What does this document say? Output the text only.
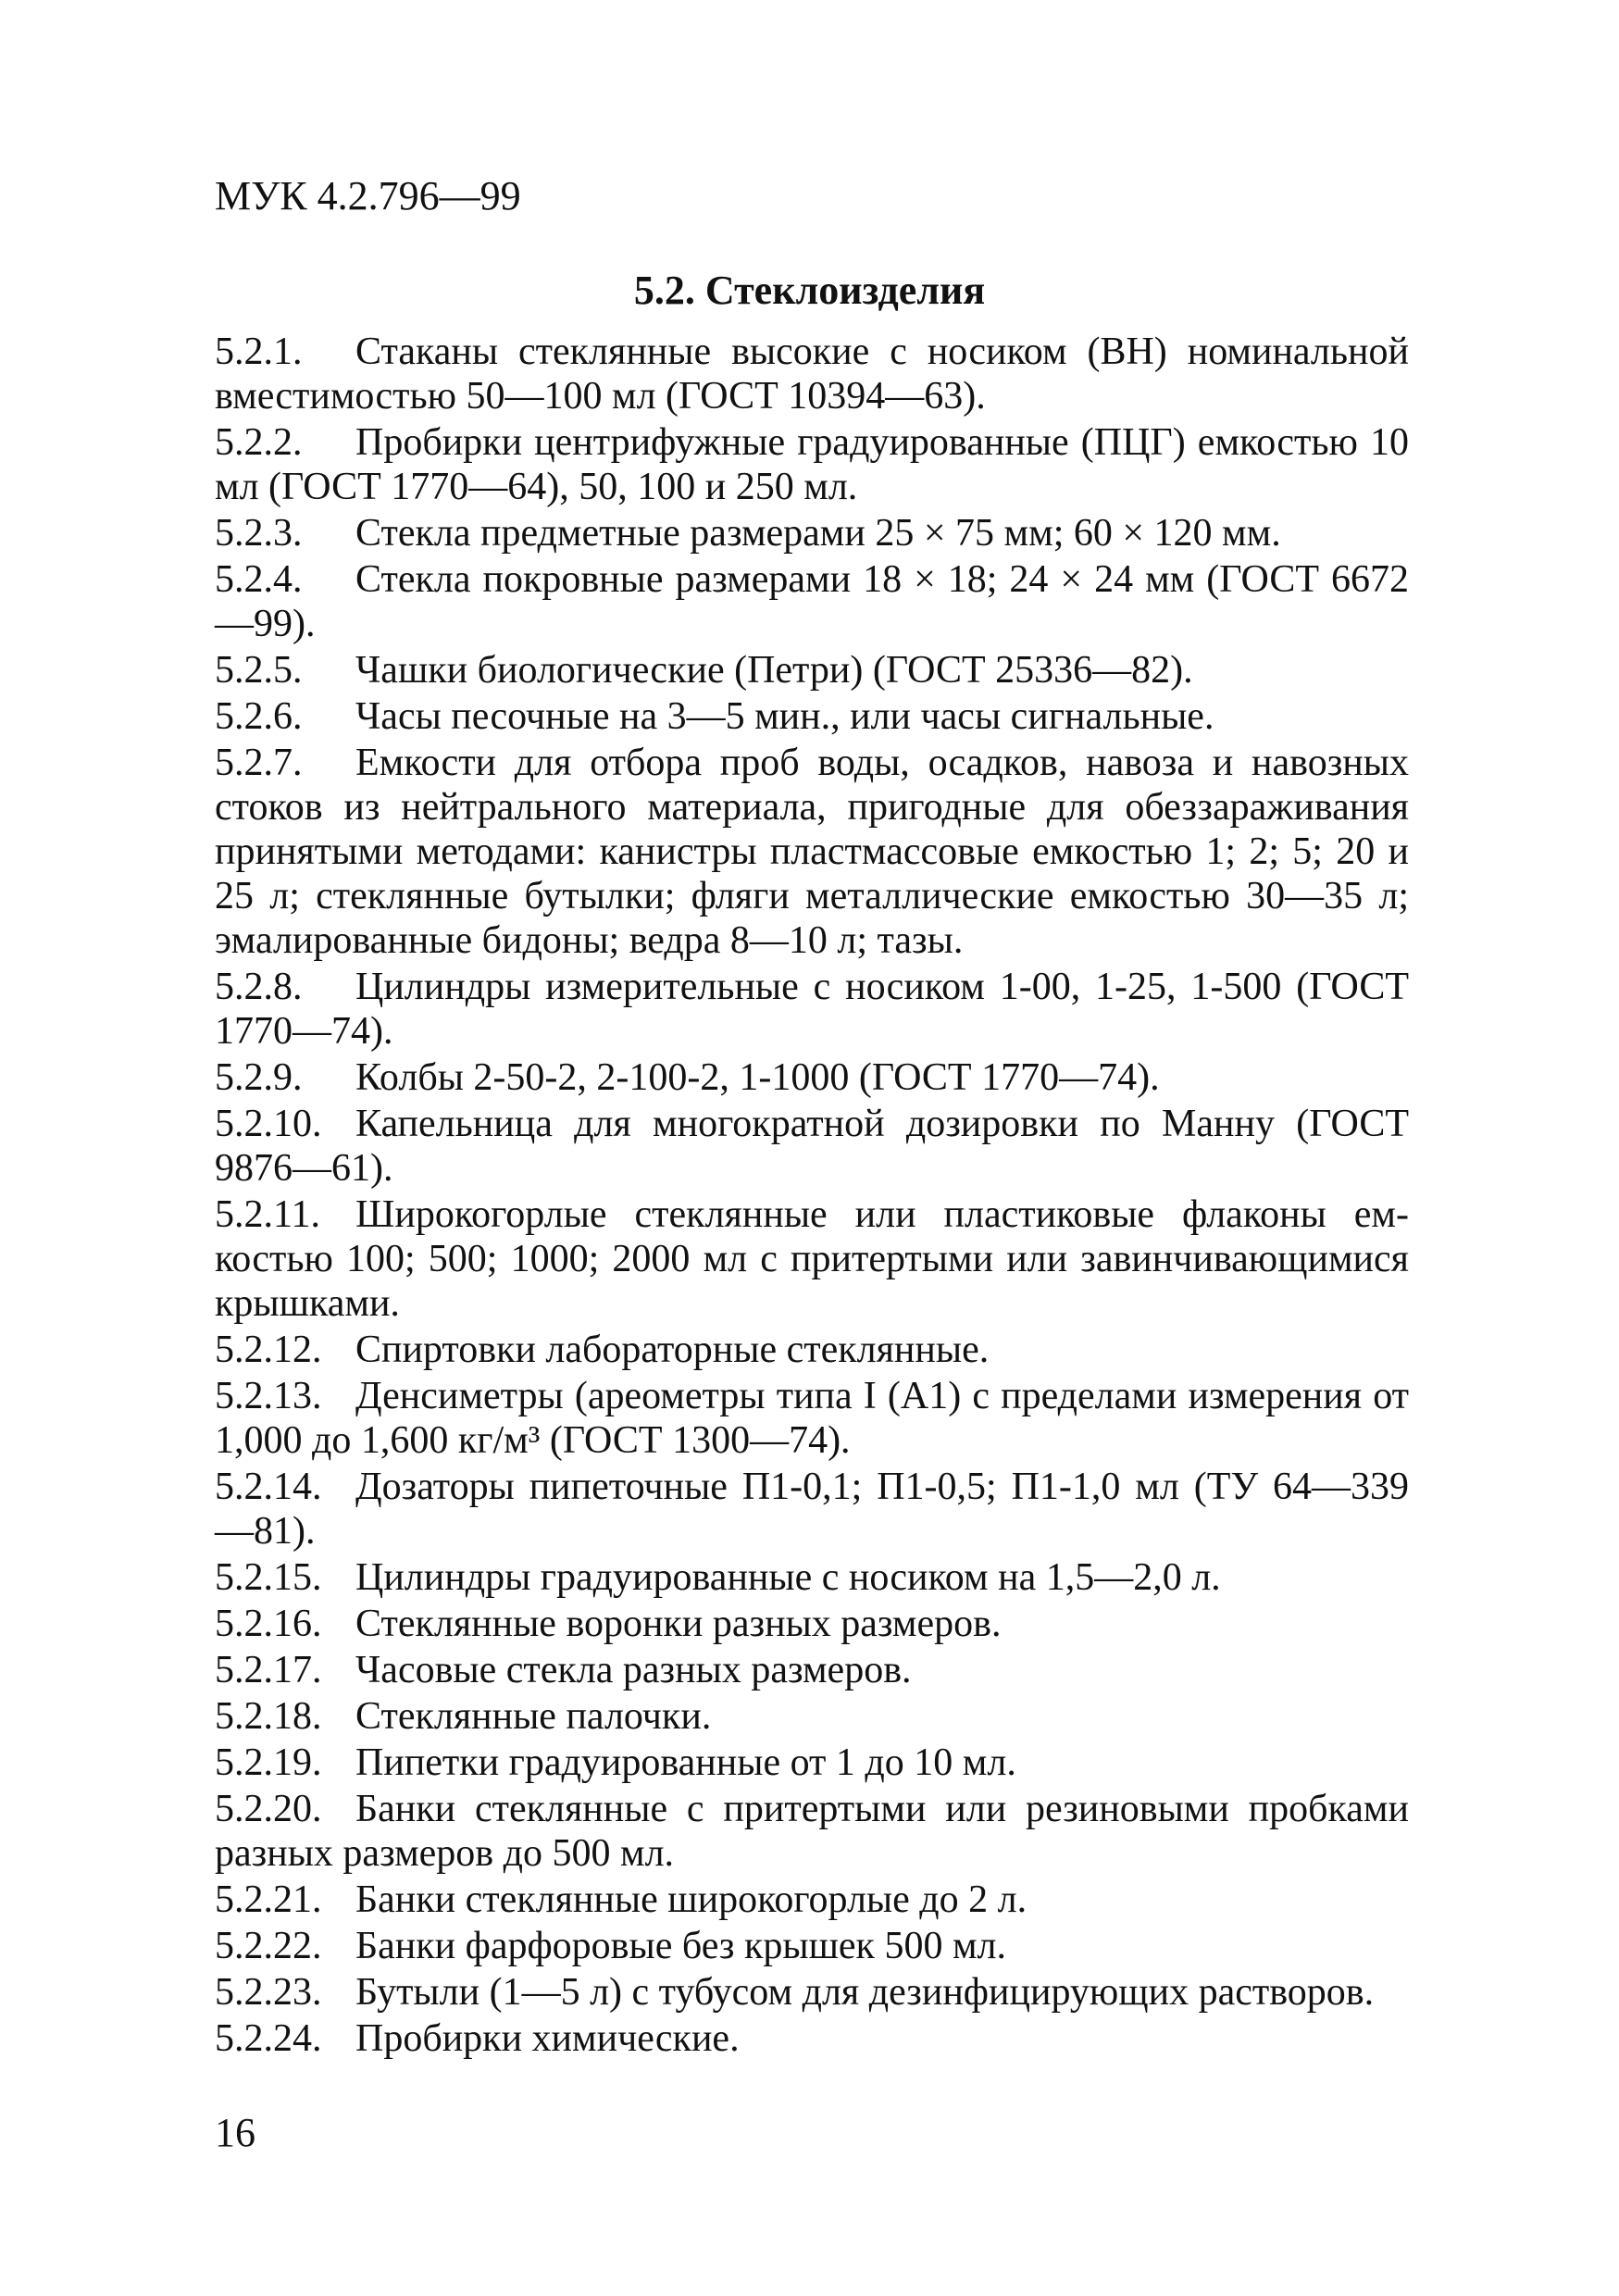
МУК 4.2.796—99
5.2. Стеклоизделия

5.2.1. Стаканы стеклянные высокие с носиком (ВН) номинальной вместимостью 50—100 мл (ГОСТ 10394—63).

5.2.2. Пробирки центрифужные градуированные (ПЦГ) емкостью 10 мл (ГОСТ 1770—64), 50, 100 и 250 мл.

5.2.3. Стекла предметные размерами 25 × 75 мм; 60 × 120 мм.

5.2.4. Стекла покровные размерами 18 × 18; 24 × 24 мм (ГОСТ 6672—99).

5.2.5. Чашки биологические (Петри) (ГОСТ 25336—82).

5.2.6. Часы песочные на 3—5 мин., или часы сигнальные.

5.2.7. Емкости для отбора проб воды, осадков, навоза и навозных стоков из нейтрального материала, пригодные для обеззараживания принятыми методами: канистры пластмассовые емкостью 1; 2; 5; 20 и 25 л; стеклянные бутылки; фляги металлические емкостью 30—35 л; эмалированные бидоны; ведра 8—10 л; тазы.

5.2.8. Цилиндры измерительные с носиком 1-00, 1-25, 1-500 (ГОСТ 1770—74).

5.2.9. Колбы 2-50-2, 2-100-2, 1-1000 (ГОСТ 1770—74).

5.2.10. Капельница для многократной дозировки по Манну (ГОСТ 9876—61).

5.2.11. Широкогорлые стеклянные или пластиковые флаконы емкостью 100; 500; 1000; 2000 мл с притертыми или завинчивающимися крышками.

5.2.12. Спиртовки лабораторные стеклянные.

5.2.13. Денсиметры (ареометры типа I (А1) с пределами измерения от 1,000 до 1,600 кг/м³ (ГОСТ 1300—74).

5.2.14. Дозаторы пипеточные П1-0,1; П1-0,5; П1-1,0 мл (ТУ 64—339—81).

5.2.15. Цилиндры градуированные с носиком на 1,5—2,0 л.

5.2.16. Стеклянные воронки разных размеров.

5.2.17. Часовые стекла разных размеров.

5.2.18. Стеклянные палочки.

5.2.19. Пипетки градуированные от 1 до 10 мл.

5.2.20. Банки стеклянные с притертыми или резиновыми пробками разных размеров до 500 мл.

5.2.21. Банки стеклянные широкогорлые до 2 л.

5.2.22. Банки фарфоровые без крышек 500 мл.

5.2.23. Бутыли (1—5 л) с тубусом для дезинфицирующих растворов.

5.2.24. Пробирки химические.

16
